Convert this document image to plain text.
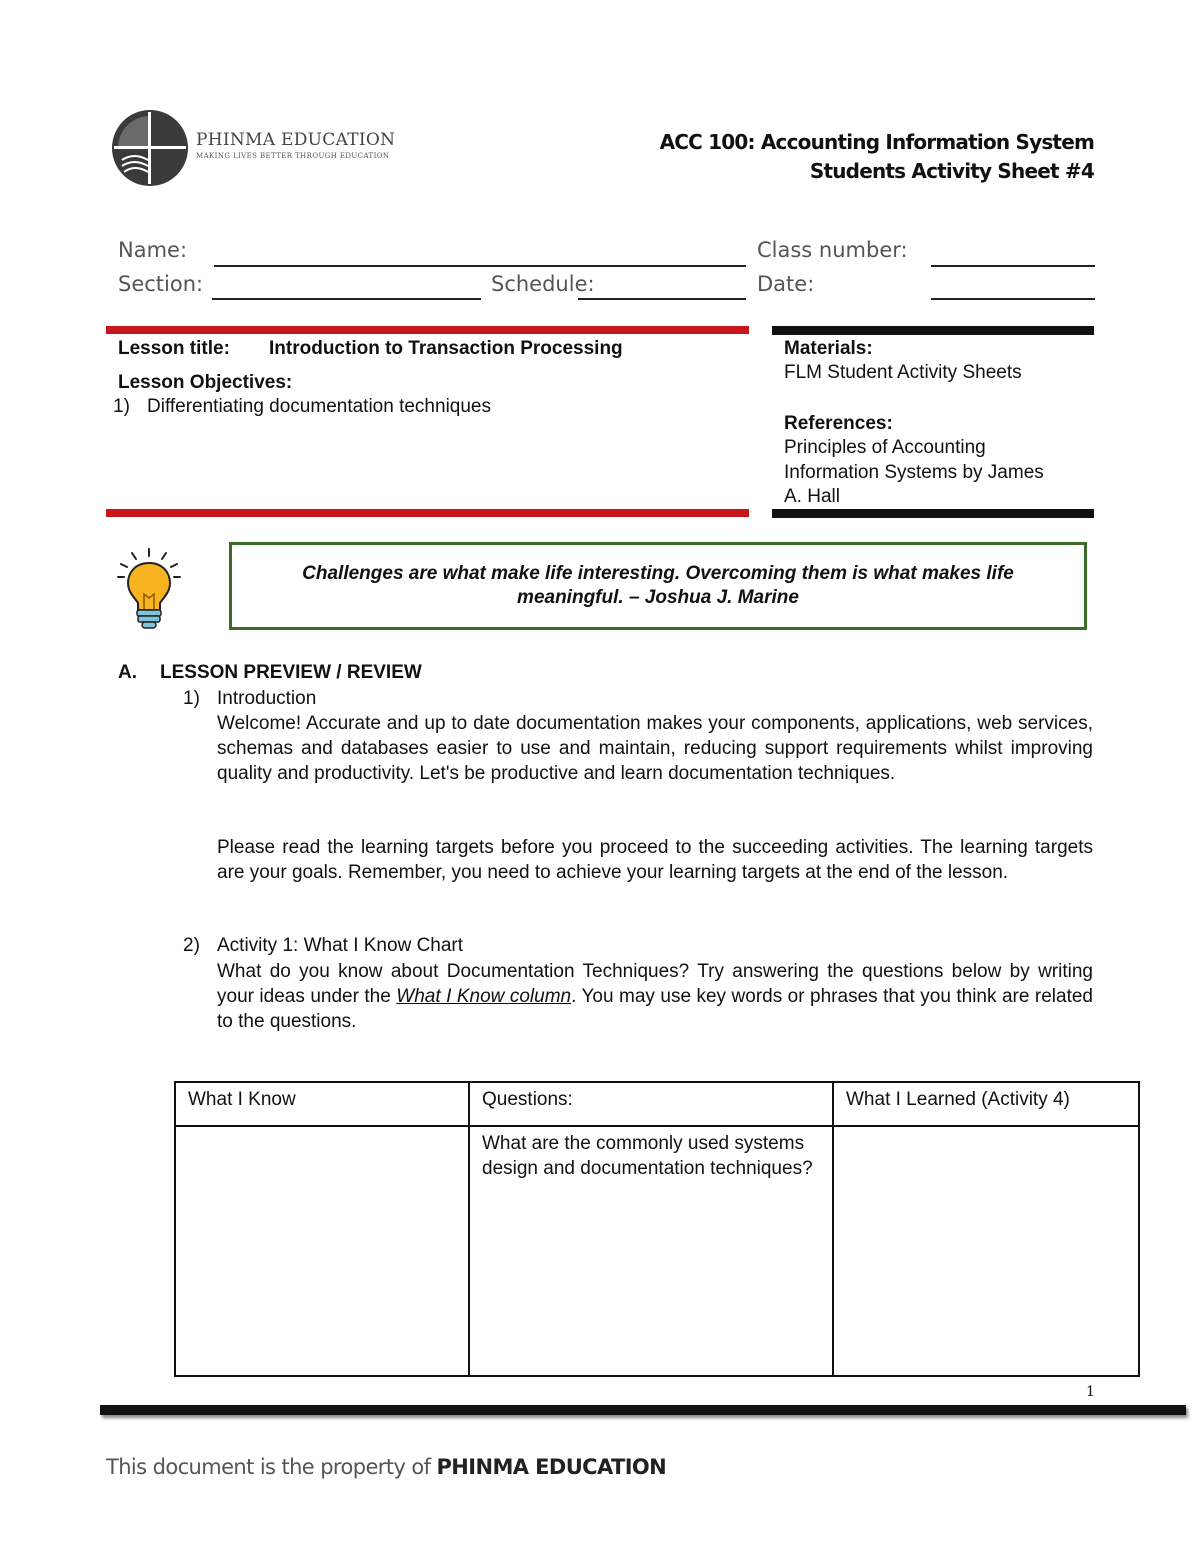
PHINMA EDUCATION
MAKING LIVES BETTER THROUGH EDUCATION
ACC 100: Accounting Information System
Students Activity Sheet #4
Name:	Class number:
Section:	Schedule:	Date:
Lesson title: Introduction to Transaction Processing
Lesson Objectives:
1) Differentiating documentation techniques
Materials:
FLM Student Activity Sheets
References:
Principles of Accounting
Information Systems by James
A. Hall
Challenges are what make life interesting. Overcoming them is what makes life
meaningful. – Joshua J. Marine
A. LESSON PREVIEW / REVIEW
1) Introduction
Welcome! Accurate and up to date documentation makes your components, applications, web services, schemas and databases easier to use and maintain, reducing support requirements whilst improving quality and productivity. Let's be productive and learn documentation techniques.
Please read the learning targets before you proceed to the succeeding activities. The learning targets are your goals. Remember, you need to achieve your learning targets at the end of the lesson.
2) Activity 1: What I Know Chart
What do you know about Documentation Techniques? Try answering the questions below by writing your ideas under the What I Know column. You may use key words or phrases that you think are related to the questions.
What I Know	Questions:	What I Learned (Activity 4)
	What are the commonly used systems design and documentation techniques?	
1
This document is the property of PHINMA EDUCATION
